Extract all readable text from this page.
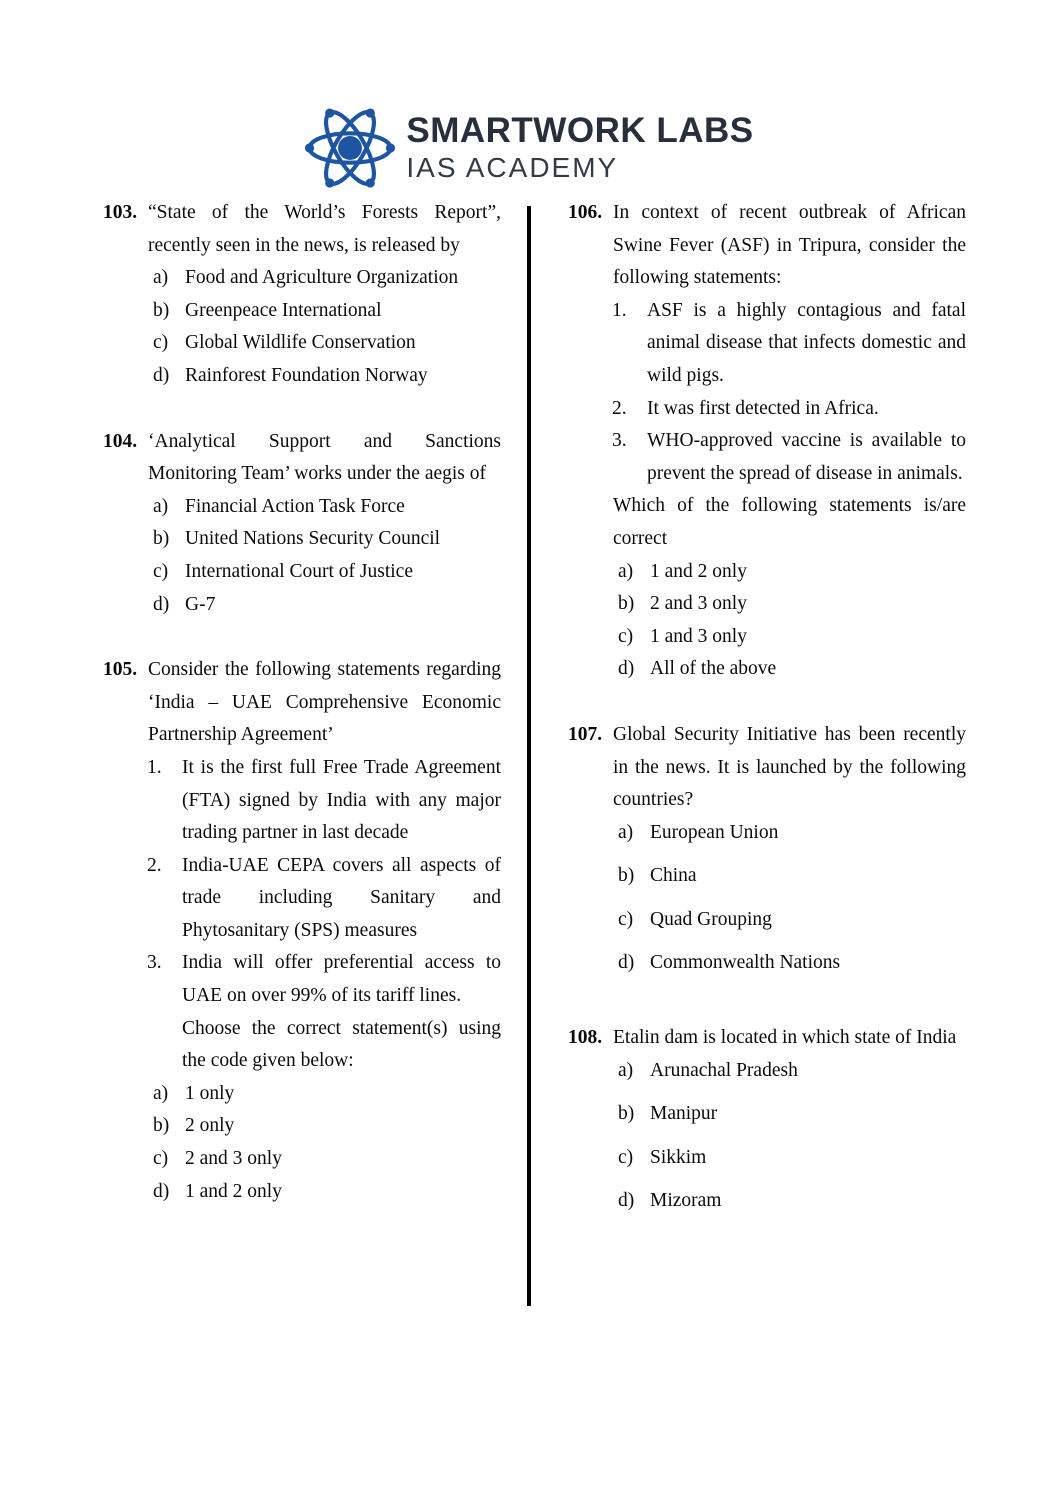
SMARTWORK LABS
IAS ACADEMY
103. “State of the World’s Forests Report”, recently seen in the news, is released by
a) Food and Agriculture Organization
b) Greenpeace International
c) Global Wildlife Conservation
d) Rainforest Foundation Norway
104. ‘Analytical Support and Sanctions Monitoring Team’ works under the aegis of
a) Financial Action Task Force
b) United Nations Security Council
c) International Court of Justice
d) G-7
105. Consider the following statements regarding ‘India – UAE Comprehensive Economic Partnership Agreement’
1. It is the first full Free Trade Agreement (FTA) signed by India with any major trading partner in last decade
2. India-UAE CEPA covers all aspects of trade including Sanitary and Phytosanitary (SPS) measures
3. India will offer preferential access to UAE on over 99% of its tariff lines.
Choose the correct statement(s) using the code given below:
a) 1 only
b) 2 only
c) 2 and 3 only
d) 1 and 2 only
106. In context of recent outbreak of African Swine Fever (ASF) in Tripura, consider the following statements:
1. ASF is a highly contagious and fatal animal disease that infects domestic and wild pigs.
2. It was first detected in Africa.
3. WHO-approved vaccine is available to prevent the spread of disease in animals.
Which of the following statements is/are correct
a) 1 and 2 only
b) 2 and 3 only
c) 1 and 3 only
d) All of the above
107. Global Security Initiative has been recently in the news. It is launched by the following countries?
a) European Union
b) China
c) Quad Grouping
d) Commonwealth Nations
108. Etalin dam is located in which state of India
a) Arunachal Pradesh
b) Manipur
c) Sikkim
d) Mizoram
